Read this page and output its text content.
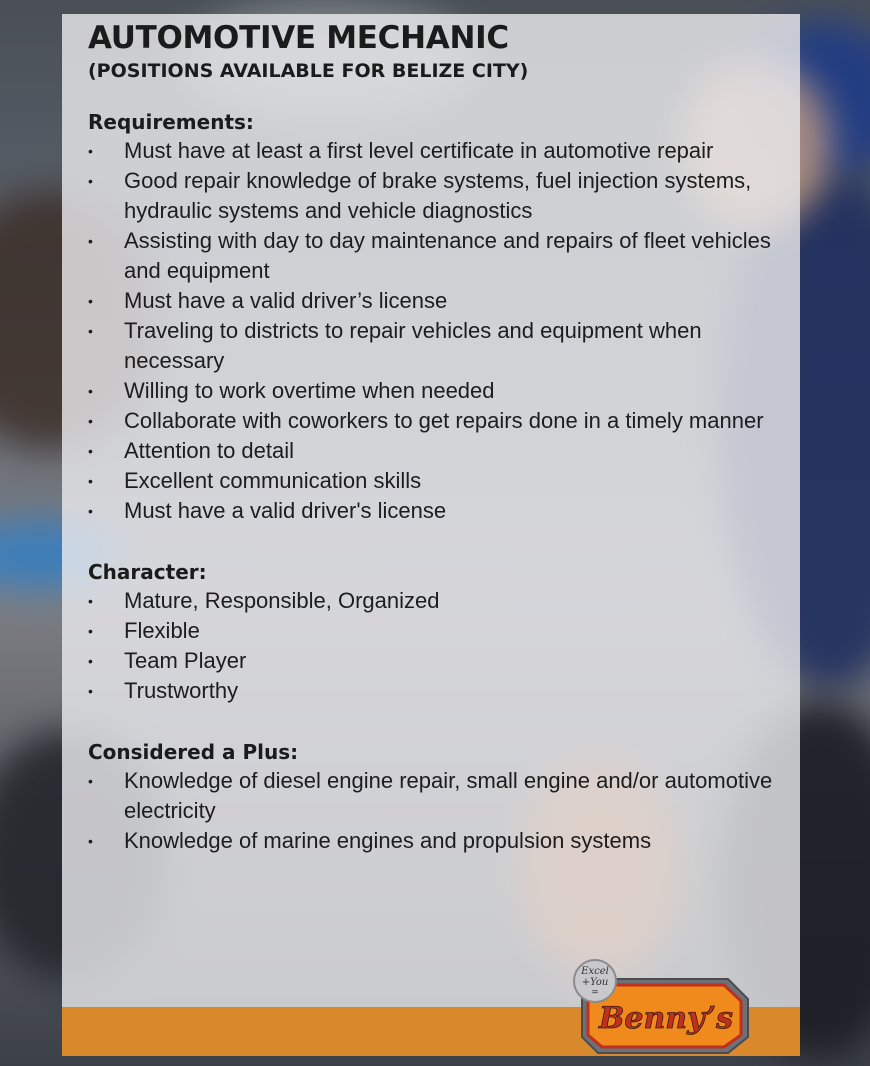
AUTOMOTIVE MECHANIC
(POSITIONS AVAILABLE FOR BELIZE CITY)
Requirements:
• Must have at least a first level certificate in automotive repair
• Good repair knowledge of brake systems, fuel injection systems, hydraulic systems and vehicle diagnostics
• Assisting with day to day maintenance and repairs of fleet vehicles and equipment
• Must have a valid driver’s license
• Traveling to districts to repair vehicles and equipment when necessary
• Willing to work overtime when needed
• Collaborate with coworkers to get repairs done in a timely manner
• Attention to detail
• Excellent communication skills
• Must have a valid driver's license
Character:
• Mature, Responsible, Organized
• Flexible
• Team Player
• Trustworthy
Considered a Plus:
• Knowledge of diesel engine repair, small engine and/or automotive electricity
• Knowledge of marine engines and propulsion systems
Benny’s
Excel
+You
=
